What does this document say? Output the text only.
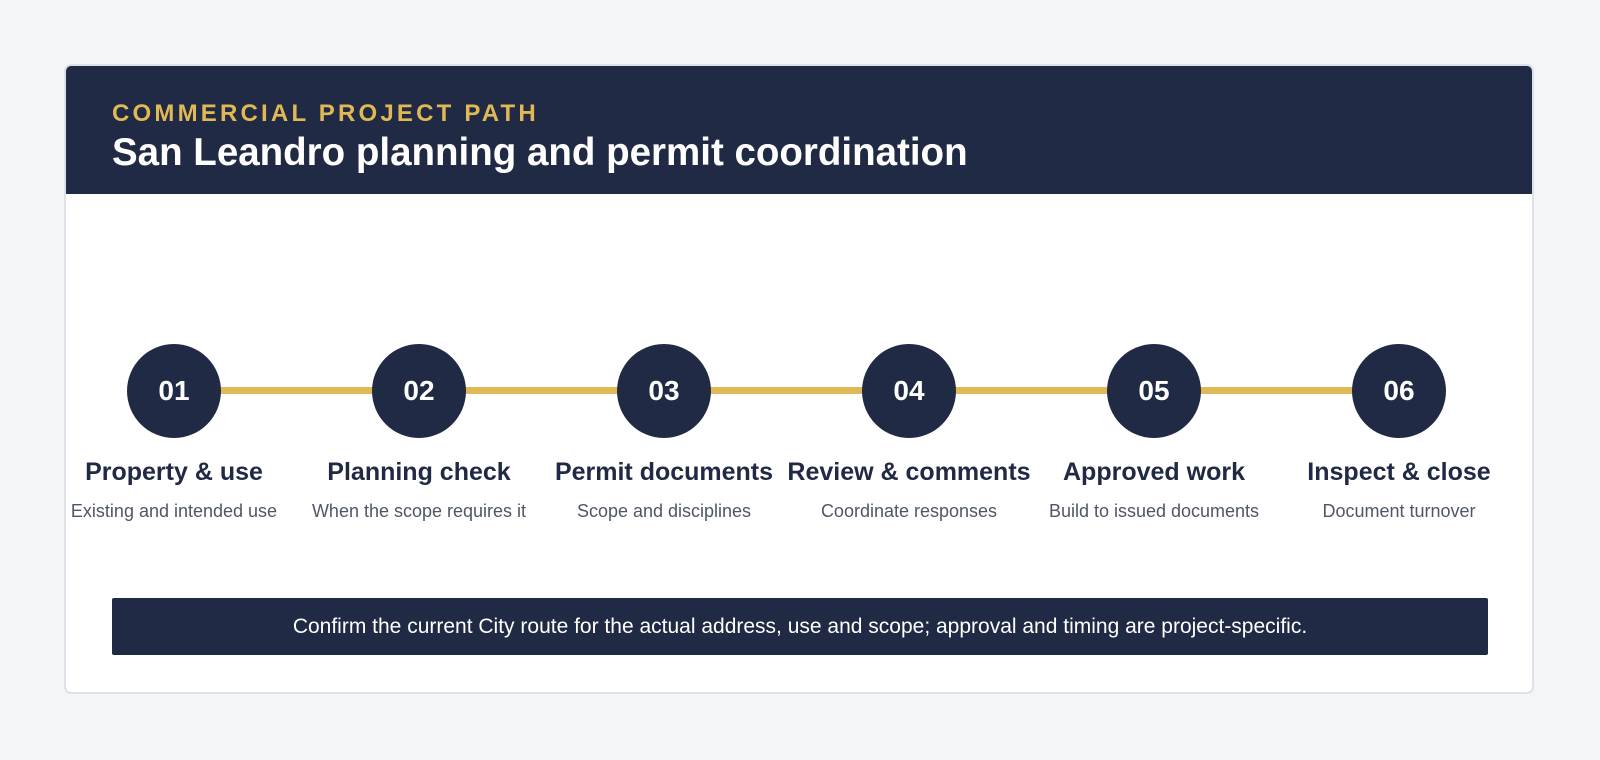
COMMERCIAL PROJECT PATH
San Leandro planning and permit coordination
01
Property & use
Existing and intended use
02
Planning check
When the scope requires it
03
Permit documents
Scope and disciplines
04
Review & comments
Coordinate responses
05
Approved work
Build to issued documents
06
Inspect & close
Document turnover
Confirm the current City route for the actual address, use and scope; approval and timing are project-specific.
